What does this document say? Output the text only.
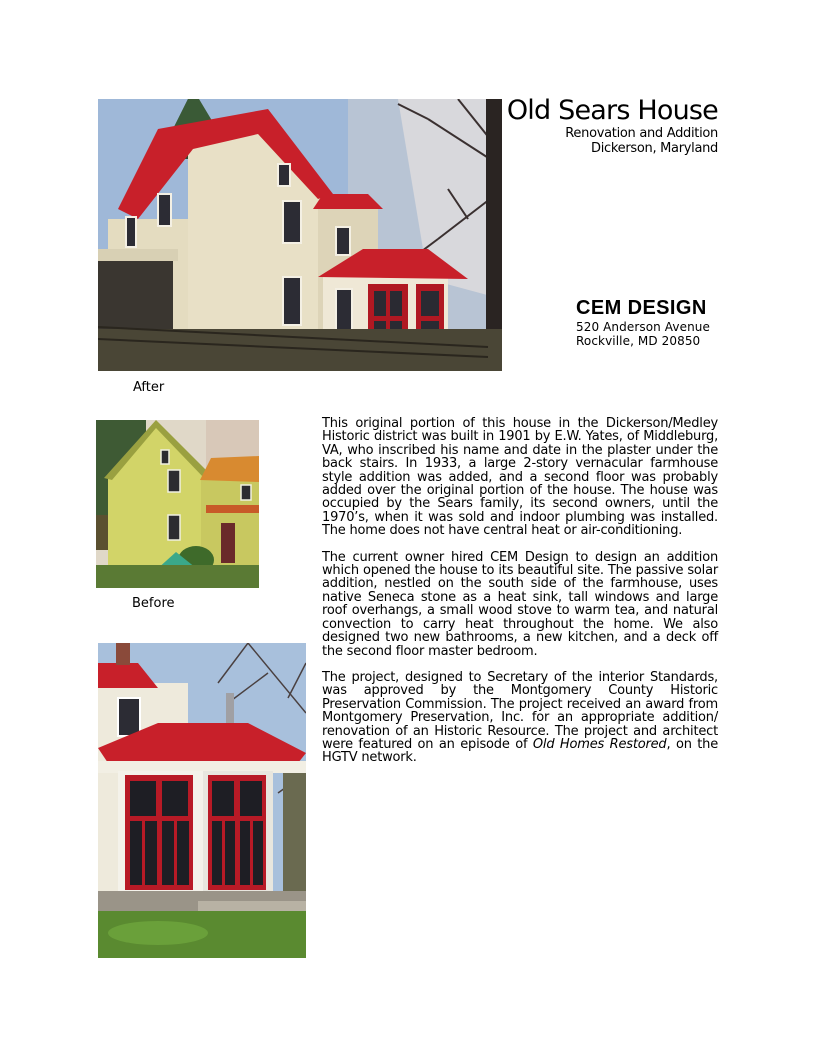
Old Sears House
Renovation and Addition
Dickerson, Maryland
CEM DESIGN
520 Anderson Avenue
Rockville, MD 20850
After
Before

This original portion of this house in the Dickerson/Medley Historic district was built in 1901 by E.W. Yates, of Middleburg, VA, who inscribed his name and date in the plaster under the back stairs. In 1933, a large 2-story vernacular farmhouse style addition was added, and a second floor was probably added over the original portion of the house. The house was occupied by the Sears family, its second owners, until the 1970’s, when it was sold and indoor plumbing was installed. The home does not have central heat or air-conditioning.

The current owner hired CEM Design to design an addition which opened the house to its beautiful site. The passive solar addition, nestled on the south side of the farmhouse, uses native Seneca stone as a heat sink, tall windows and large roof overhangs, a small wood stove to warm tea, and natural convection to carry heat throughout the home. We also designed two new bathrooms, a new kitchen, and a deck off the second floor master bedroom.

The project, designed to Secretary of the interior Standards, was approved by the Montgomery County Historic Preservation Commission. The project received an award from Montgomery Preservation, Inc. for an appropriate addition/ renovation of an Historic Resource. The project and architect were featured on an episode of Old Homes Restored, on the HGTV network.
